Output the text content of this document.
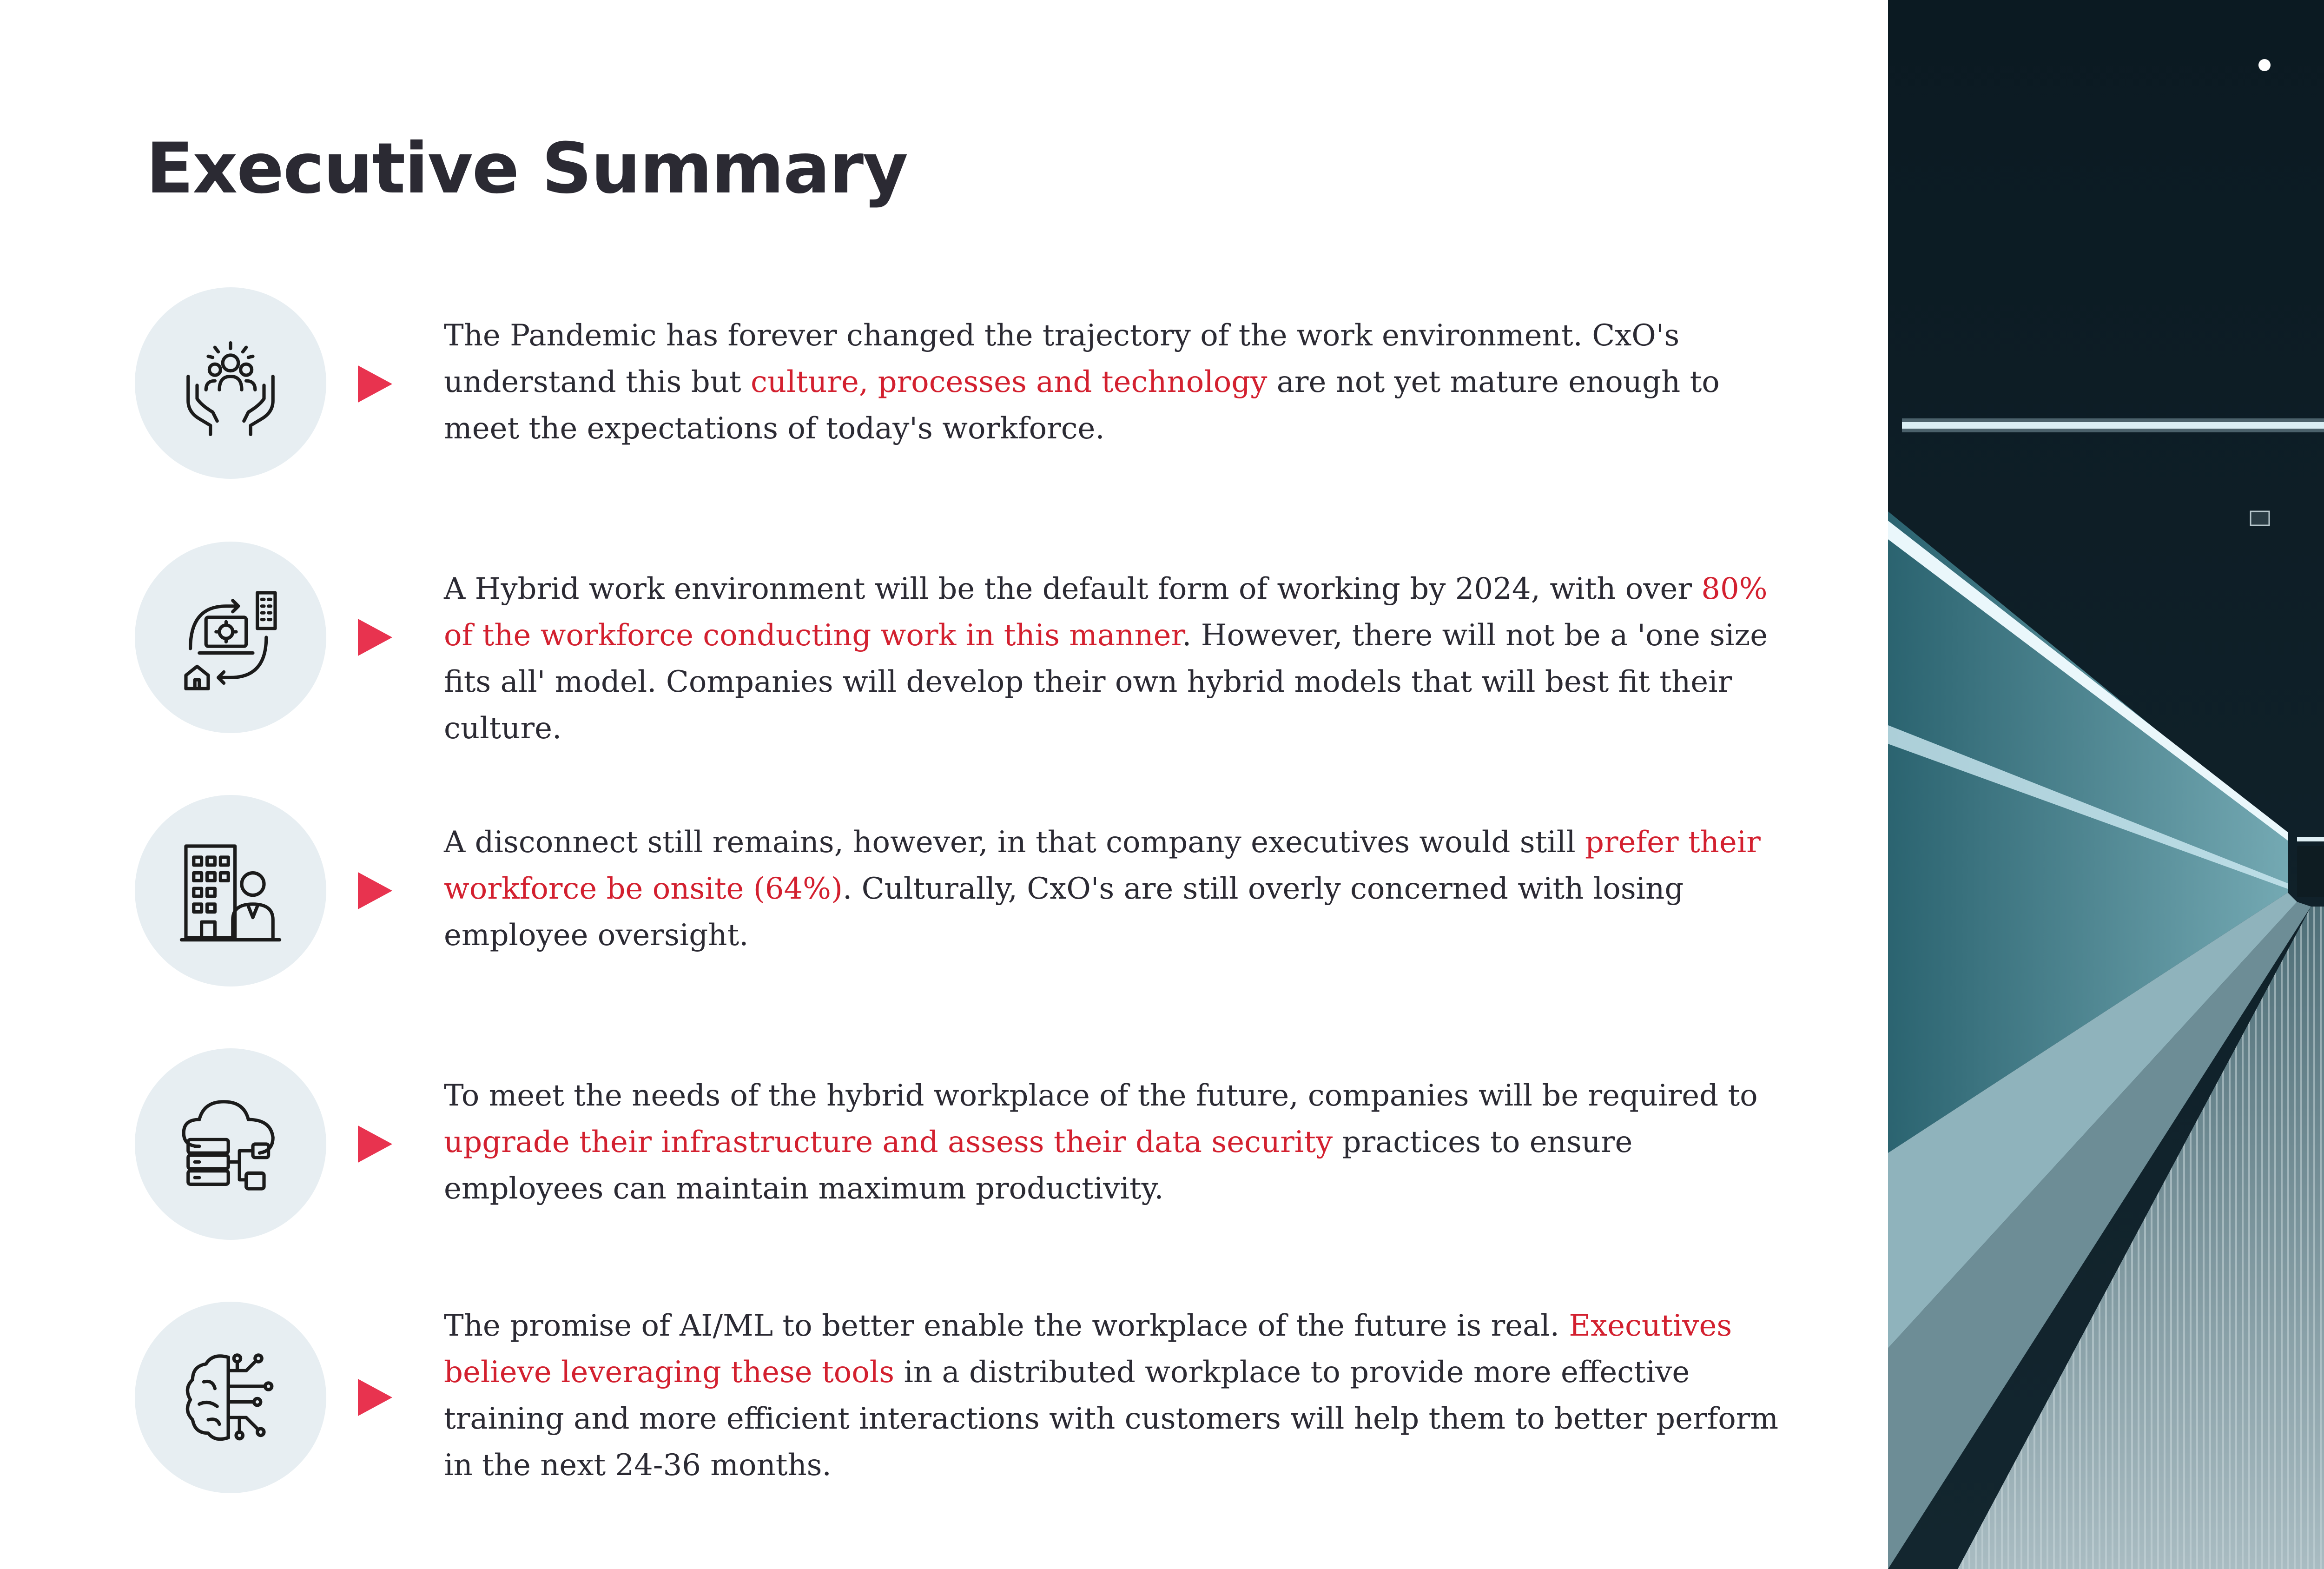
Executive Summary

The Pandemic has forever changed the trajectory of the work environment. CxO's understand this but culture, processes and technology are not yet mature enough to meet the expectations of today's workforce.

A Hybrid work environment will be the default form of working by 2024, with over 80% of the workforce conducting work in this manner. However, there will not be a 'one size fits all' model. Companies will develop their own hybrid models that will best fit their culture.

A disconnect still remains, however, in that company executives would still prefer their workforce be onsite (64%). Culturally, CxO's are still overly concerned with losing employee oversight.

To meet the needs of the hybrid workplace of the future, companies will be required to upgrade their infrastructure and assess their data security practices to ensure employees can maintain maximum productivity.

The promise of AI/ML to better enable the workplace of the future is real. Executives believe leveraging these tools in a distributed workplace to provide more effective training and more efficient interactions with customers will help them to better perform in the next 24-36 months.
